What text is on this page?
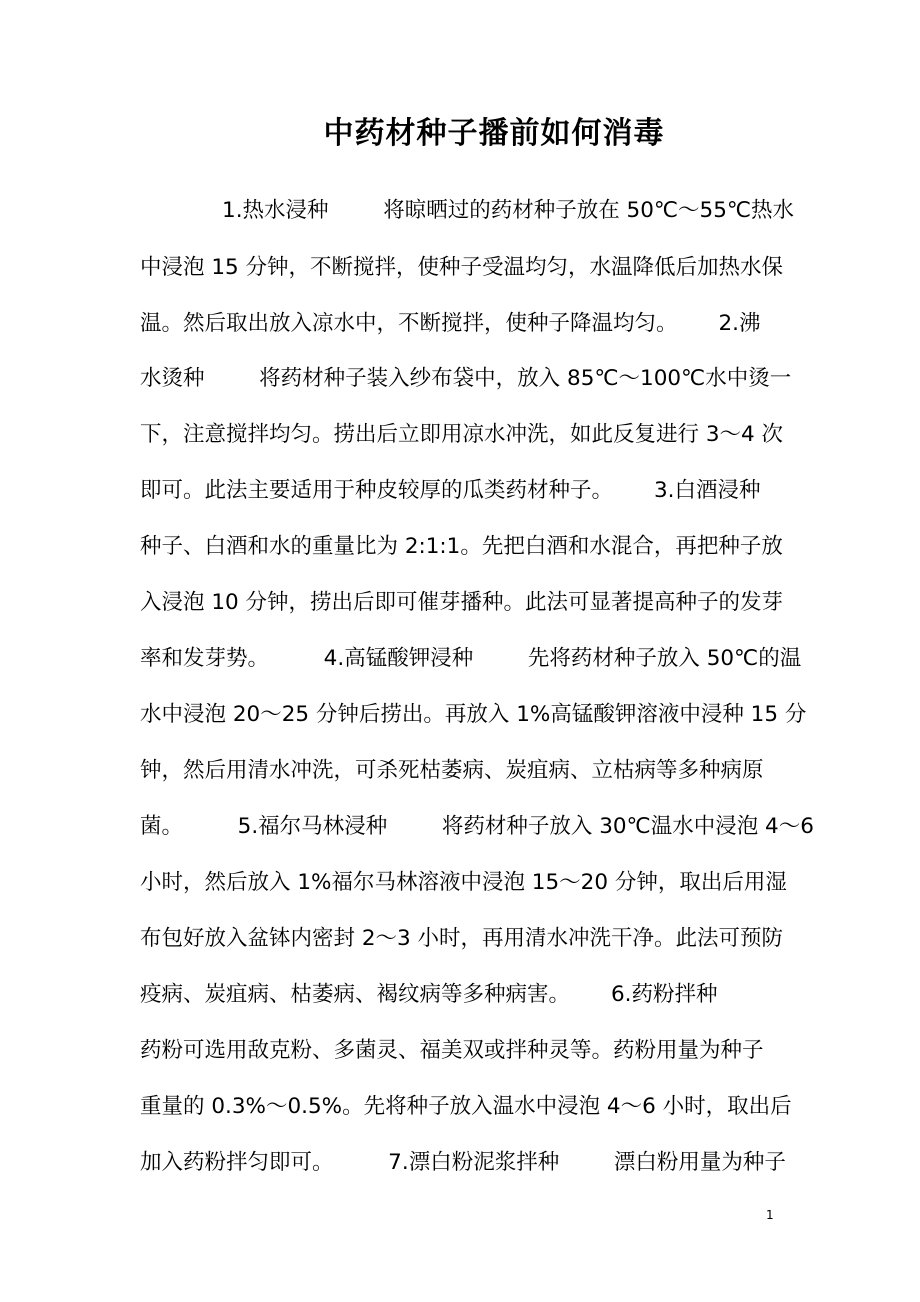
中药材种子播前如何消毒
1.热水浸种        将晾晒过的药材种子放在 50℃～55℃热水
中浸泡 15 分钟，不断搅拌，使种子受温均匀，水温降低后加热水保
温。然后取出放入凉水中，不断搅拌，使种子降温均匀。      2.沸
水烫种        将药材种子装入纱布袋中，放入 85℃～100℃水中烫一
下，注意搅拌均匀。捞出后立即用凉水冲洗，如此反复进行 3～4 次
即可。此法主要适用于种皮较厚的瓜类药材种子。      3.白酒浸种
种子、白酒和水的重量比为 2:1:1。先把白酒和水混合，再把种子放
入浸泡 10 分钟，捞出后即可催芽播种。此法可显著提高种子的发芽
率和发芽势。        4.高锰酸钾浸种        先将药材种子放入 50℃的温
水中浸泡 20～25 分钟后捞出。再放入 1%高锰酸钾溶液中浸种 15 分
钟，然后用清水冲洗，可杀死枯萎病、炭疽病、立枯病等多种病原
菌。        5.福尔马林浸种        将药材种子放入 30℃温水中浸泡 4～6
小时，然后放入 1%福尔马林溶液中浸泡 15～20 分钟，取出后用湿
布包好放入盆钵内密封 2～3 小时，再用清水冲洗干净。此法可预防
疫病、炭疽病、枯萎病、褐纹病等多种病害。      6.药粉拌种
药粉可选用敌克粉、多菌灵、福美双或拌种灵等。药粉用量为种子
重量的 0.3%～0.5%。先将种子放入温水中浸泡 4～6 小时，取出后
加入药粉拌匀即可。        7.漂白粉泥浆拌种        漂白粉用量为种子
1
